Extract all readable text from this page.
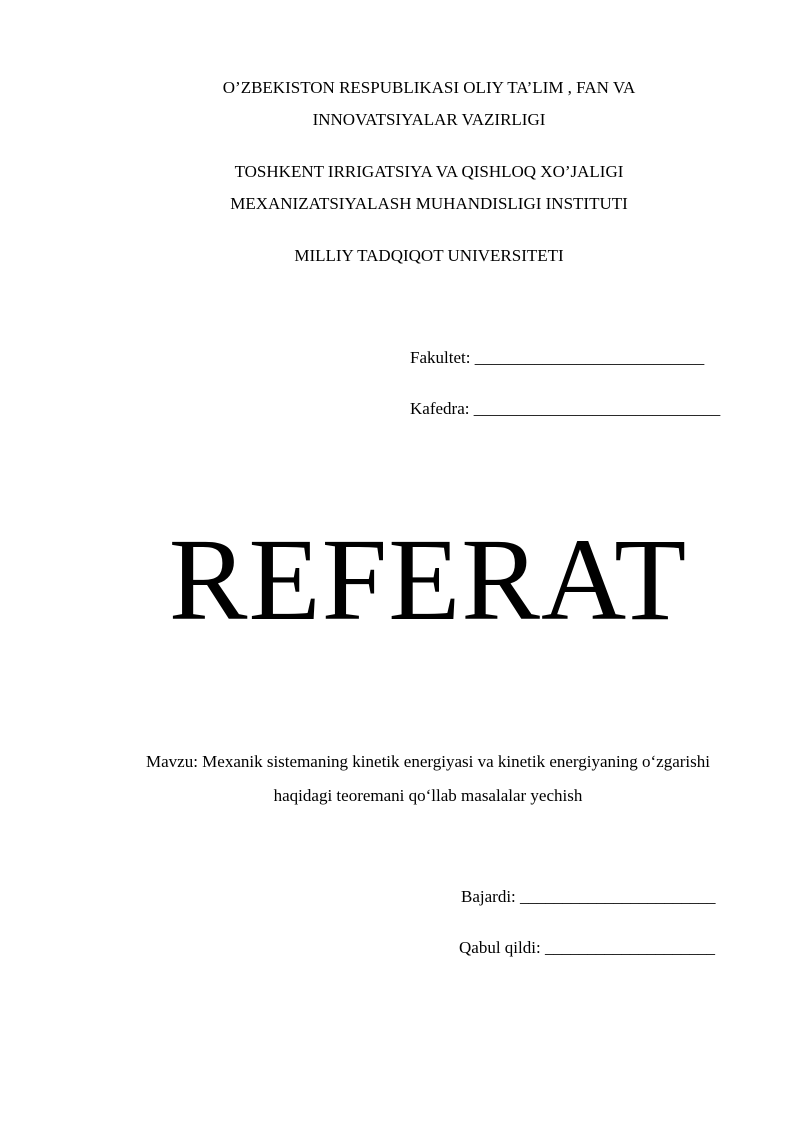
O’ZBEKISTON RESPUBLIKASI OLIY TA’LIM , FAN VA
INNOVATSIYALAR VAZIRLIGI
TOSHKENT IRRIGATSIYA VA QISHLOQ XO’JALIGI
MEXANIZATSIYALASH MUHANDISLIGI INSTITUTI
MILLIY TADQIQOT UNIVERSITETI
Fakultet: ___________________________
Kafedra: _____________________________
REFERAT
Mavzu: Mexanik sistemaning kinetik energiyasi va kinetik energiyaning o‘zgarishi
haqidagi teoremani qo‘llab masalalar yechish
Bajardi: _______________________
Qabul qildi: ____________________
